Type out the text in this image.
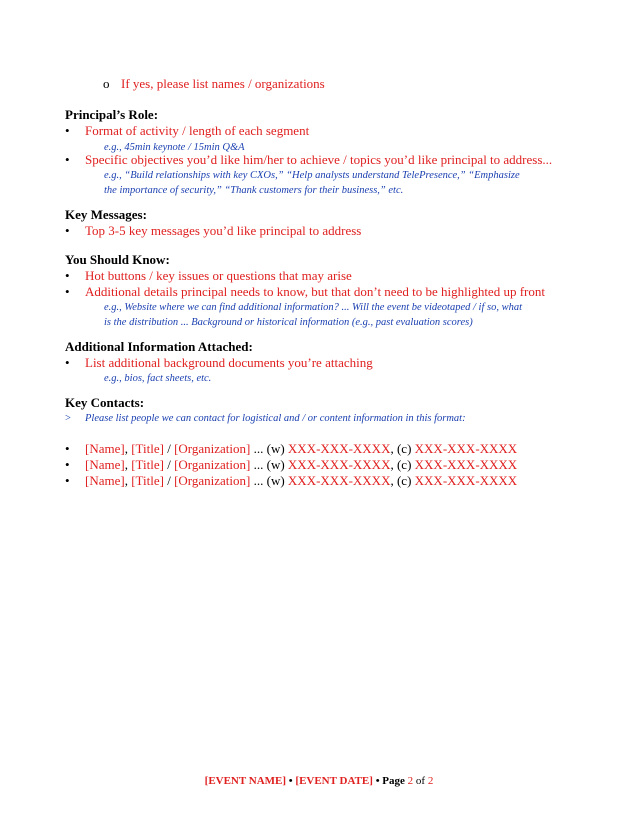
o If yes, please list names / organizations
Principal’s Role:
• Format of activity / length of each segment
e.g., 45min keynote / 15min Q&A
• Specific objectives you’d like him/her to achieve / topics you’d like principal to address...
e.g., “Build relationships with key CXOs,” “Help analysts understand TelePresence,” “Emphasize
the importance of security,” “Thank customers for their business,” etc.
Key Messages:
• Top 3-5 key messages you’d like principal to address
You Should Know:
• Hot buttons / key issues or questions that may arise
• Additional details principal needs to know, but that don’t need to be highlighted up front
e.g., Website where we can find additional information? ... Will the event be videotaped / if so, what
is the distribution ... Background or historical information (e.g., past evaluation scores)
Additional Information Attached:
• List additional background documents you’re attaching
e.g., bios, fact sheets, etc.
Key Contacts:
> Please list people we can contact for logistical and / or content information in this format:
• [Name], [Title] / [Organization] ... (w) XXX-XXX-XXXX, (c) XXX-XXX-XXXX
• [Name], [Title] / [Organization] ... (w) XXX-XXX-XXXX, (c) XXX-XXX-XXXX
• [Name], [Title] / [Organization] ... (w) XXX-XXX-XXXX, (c) XXX-XXX-XXXX
[EVENT NAME] • [EVENT DATE] • Page 2 of 2
